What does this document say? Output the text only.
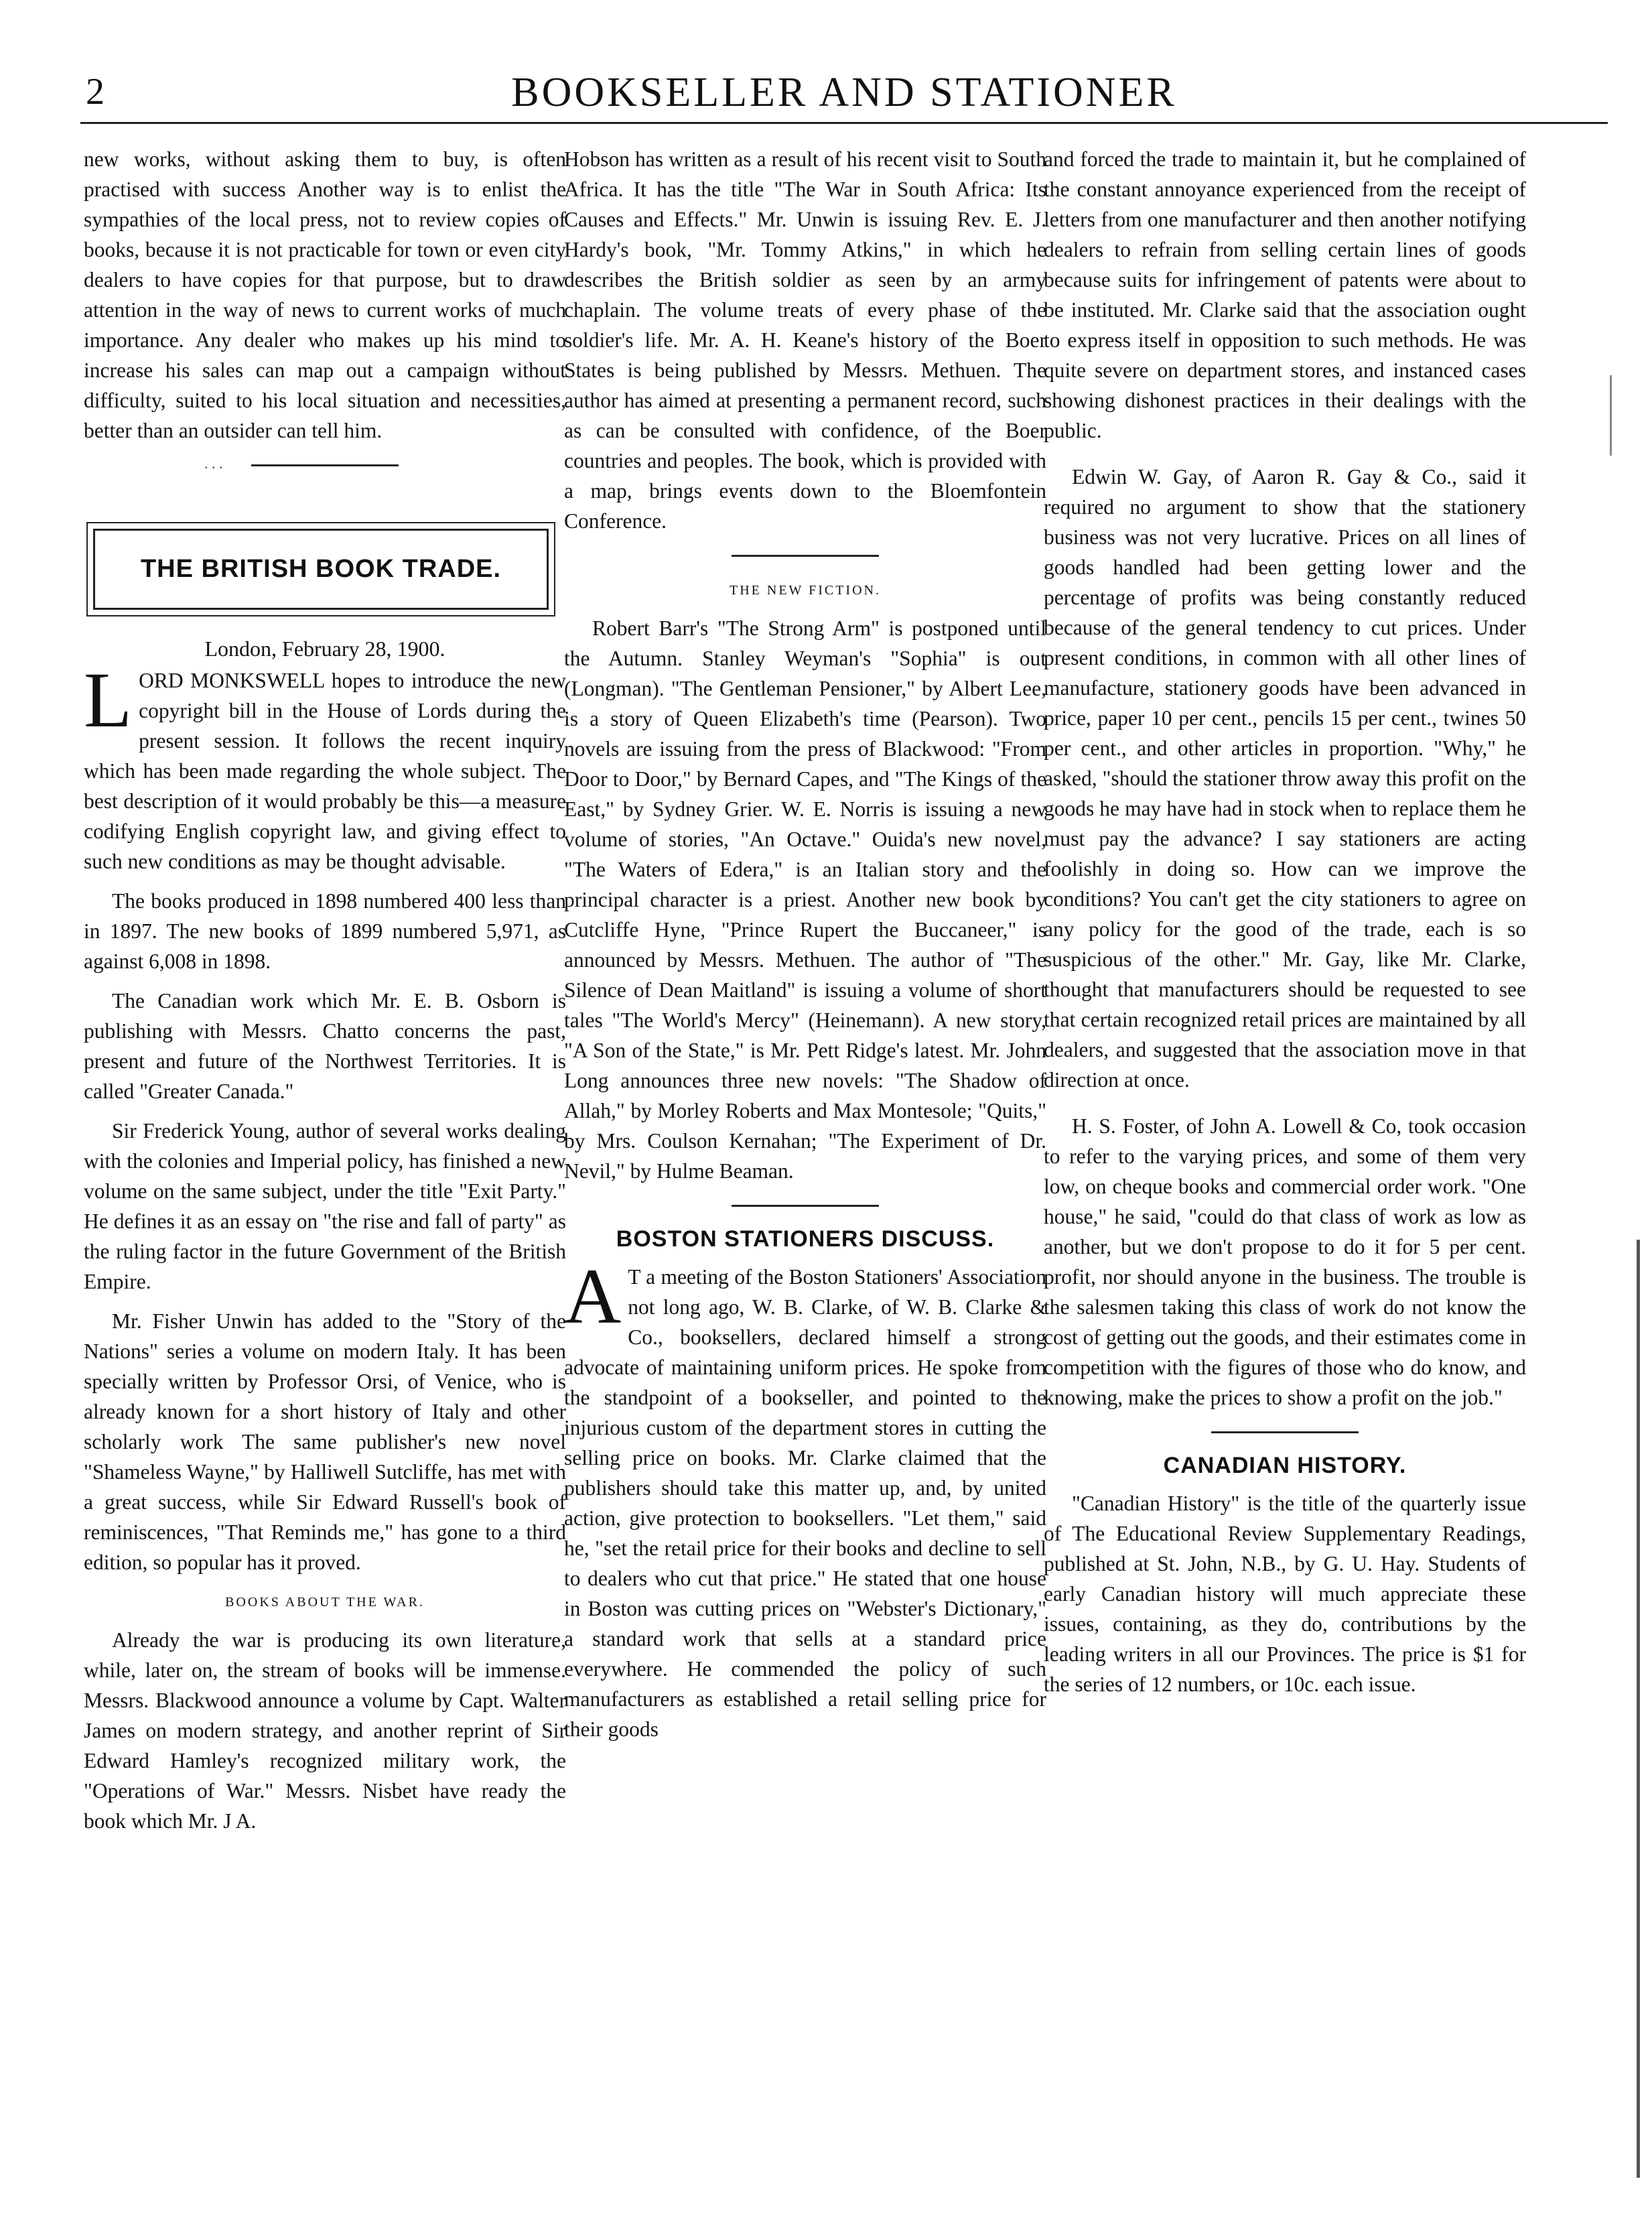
2	BOOKSELLER AND STATIONER

new works, without asking them to buy, is often practised with success Another way is to enlist the sympathies of the local press, not to review copies of books, because it is not practicable for town or even city dealers to have copies for that purpose, but to draw attention in the way of news to current works of much importance. Any dealer who makes up his mind to increase his sales can map out a campaign without difficulty, suited to his local situation and necessities, better than an outsider can tell him.

. . .
THE BRITISH BOOK TRADE.
London, February 28, 1900.

L ORD MONKSWELL hopes to introduce the new copyright bill in the House of Lords during the present session. It follows the recent inquiry which has been made regarding the whole subject. The best description of it would probably be this—a measure codifying English copyright law, and giving effect to such new conditions as may be thought advisable.

The books produced in 1898 numbered 400 less than in 1897. The new books of 1899 numbered 5,971, as against 6,008 in 1898.

The Canadian work which Mr. E. B. Osborn is publishing with Messrs. Chatto concerns the past, present and future of the Northwest Territories. It is called "Greater Canada."

Sir Frederick Young, author of several works dealing with the colonies and Imperial policy, has finished a new volume on the same subject, under the title "Exit Party." He defines it as an essay on "the rise and fall of party" as the ruling factor in the future Government of the British Empire.

Mr. Fisher Unwin has added to the "Story of the Nations" series a volume on modern Italy. It has been specially written by Professor Orsi, of Venice, who is already known for a short history of Italy and other scholarly work The same publisher's new novel "Shameless Wayne," by Halliwell Sutcliffe, has met with a great success, while Sir Edward Russell's book of reminiscences, "That Reminds me," has gone to a third edition, so popular has it proved.

BOOKS ABOUT THE WAR.

Already the war is producing its own literature, while, later on, the stream of books will be immense. Messrs. Blackwood announce a volume by Capt. Walter James on modern strategy, and another reprint of Sir Edward Hamley's recognized military work, the "Operations of War." Messrs. Nisbet have ready the book which Mr. J A.

Hobson has written as a result of his recent visit to South Africa. It has the title "The War in South Africa: Its Causes and Effects." Mr. Unwin is issuing Rev. E. J. Hardy's book, "Mr. Tommy Atkins," in which he describes the British soldier as seen by an army chaplain. The volume treats of every phase of the soldier's life. Mr. A. H. Keane's history of the Boer States is being published by Messrs. Methuen. The author has aimed at presenting a permanent record, such as can be consulted with confidence, of the Boer countries and peoples. The book, which is provided with a map, brings events down to the Bloemfontein Conference.

THE NEW FICTION.

Robert Barr's "The Strong Arm" is postponed until the Autumn. Stanley Weyman's "Sophia" is out (Longman). "The Gentleman Pensioner," by Albert Lee, is a story of Queen Elizabeth's time (Pearson). Two novels are issuing from the press of Blackwood: "From Door to Door," by Bernard Capes, and "The Kings of the East," by Sydney Grier. W. E. Norris is issuing a new volume of stories, "An Octave." Ouida's new novel, "The Waters of Edera," is an Italian story and the principal character is a priest. Another new book by Cutcliffe Hyne, "Prince Rupert the Buccaneer," is announced by Messrs. Methuen. The author of "The Silence of Dean Maitland" is issuing a volume of short tales "The World's Mercy" (Heinemann). A new story, "A Son of the State," is Mr. Pett Ridge's latest. Mr. John Long announces three new novels: "The Shadow of Allah," by Morley Roberts and Max Montesole; "Quits," by Mrs. Coulson Kernahan; "The Experiment of Dr. Nevil," by Hulme Beaman.

BOSTON STATIONERS DISCUSS.

A T a meeting of the Boston Stationers' Association not long ago, W. B. Clarke, of W. B. Clarke & Co., booksellers, declared himself a strong advocate of maintaining uniform prices. He spoke from the standpoint of a bookseller, and pointed to the injurious custom of the department stores in cutting the selling price on books. Mr. Clarke claimed that the publishers should take this matter up, and, by united action, give protection to booksellers. "Let them," said he, "set the retail price for their books and decline to sell to dealers who cut that price." He stated that one house in Boston was cutting prices on "Webster's Dictionary," a standard work that sells at a standard price everywhere. He commended the policy of such manufacturers as established a retail selling price for their goods

and forced the trade to maintain it, but he complained of the constant annoyance experienced from the receipt of letters from one manufacturer and then another notifying dealers to refrain from selling certain lines of goods because suits for infringement of patents were about to be instituted. Mr. Clarke said that the association ought to express itself in opposition to such methods. He was quite severe on department stores, and instanced cases showing dishonest practices in their dealings with the public.

Edwin W. Gay, of Aaron R. Gay & Co., said it required no argument to show that the stationery business was not very lucrative. Prices on all lines of goods handled had been getting lower and the percentage of profits was being constantly reduced because of the general tendency to cut prices. Under present conditions, in common with all other lines of manufacture, stationery goods have been advanced in price, paper 10 per cent., pencils 15 per cent., twines 50 per cent., and other articles in proportion. "Why," he asked, "should the stationer throw away this profit on the goods he may have had in stock when to replace them he must pay the advance? I say stationers are acting foolishly in doing so. How can we improve the conditions? You can't get the city stationers to agree on any policy for the good of the trade, each is so suspicious of the other." Mr. Gay, like Mr. Clarke, thought that manufacturers should be requested to see that certain recognized retail prices are maintained by all dealers, and suggested that the association move in that direction at once.

H. S. Foster, of John A. Lowell & Co, took occasion to refer to the varying prices, and some of them very low, on cheque books and commercial order work. "One house," he said, "could do that class of work as low as another, but we don't propose to do it for 5 per cent. profit, nor should anyone in the business. The trouble is the salesmen taking this class of work do not know the cost of getting out the goods, and their estimates come in competition with the figures of those who do know, and knowing, make the prices to show a profit on the job."

CANADIAN HISTORY.

"Canadian History" is the title of the quarterly issue of The Educational Review Supplementary Readings, published at St. John, N.B., by G. U. Hay. Students of early Canadian history will much appreciate these issues, containing, as they do, contributions by the leading writers in all our Provinces. The price is $1 for the series of 12 numbers, or 10c. each issue.
